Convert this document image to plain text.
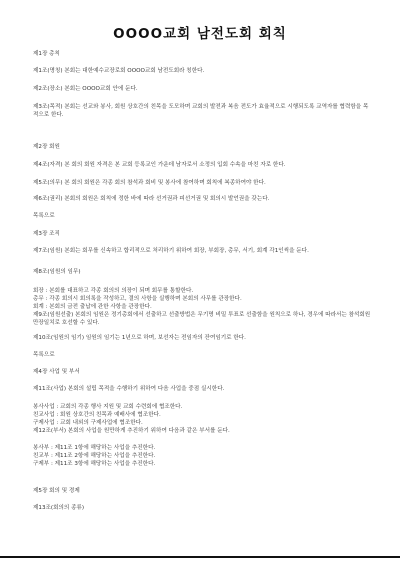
OOOO교회 남전도회 회칙
제1장 총칙
제1조(명칭) 본회는 대한예수교장로회 OOOO교회 남전도회라 칭한다.
제2조(장소) 본회는 OOOO교회 안에 둔다.
제3조(목적) 본회는 선교와 봉사, 회원 상호간의 친목을 도모하며 교회의 발전과 복음 전도가 효율적으로 시행되도록 교역자를 협력함을 목적으로 한다.
제2장 회원
제4조(자격) 본 회의 회원 자격은 본 교회 등록교인 가운데 남자로서 소정의 입회 수속을 마친 자로 한다.
제5조(의무) 본 회의 회원은 각종 회의 참석과 회비 및 봉사에 참여하며 회칙에 복종하여야 한다.
제6조(권리) 본회의 회원은 회칙에 정한 바에 따라 선거권과 피선거권 및 회의시 발언권을 갖는다.
목록으로
제3장 조직
제7조(임원) 본회는 회무를 신속하고 합리적으로 처리하기 위하여 회장, 부회장, 총무, 서기, 회계 각1인씩을 둔다.
제8조(임원의 임무)
회장 : 본회를 대표하고 각종 회의의 의장이 되며 회무를 통할한다.
총무 : 각종 회의시 회의록을 작성하고, 결의 사항을 실행하며 본회의 사무를 관장한다.
회계 : 본회의 금전 출납에 관한 사항을 관장한다.
제9조(임원선출) 본회의 임원은 정기총회에서 선출하고 선출방법은 무기명 비밀 투표로 선출함을 원칙으로 하나, 경우에 따라서는 참석회원 만장일치로 호선할 수 있다.
제10조(임원의 임기) 임원의 임기는 1년으로 하며, 보선자는 전임자의 잔여임기로 한다.
목록으로
제4장 사업 및 부서
제11조(사업) 본회의 설립 목적을 수행하기 위하여 다음 사업을 중점 실시한다.
봉사사업 : 교회의 각종 행사 지원 및 교회 수련회에 협조한다.
친교사업 : 회원 상호간의 친목과 예배사에 협조한다.
구제사업 : 교회 내외의 구제사업에 협조한다.
제12조(부서) 본회의 사업을 원만하게 추진하기 위하여 다음과 같은 부서를 둔다.
봉사부 : 제11조 1항에 해당하는 사업을 추진한다.
친교부 : 제11조 2항에 해당하는 사업을 추진한다.
구제부 : 제11조 3항에 해당하는 사업을 추진한다.
제5장 회의 및 경제
제13조(회의의 종류)
